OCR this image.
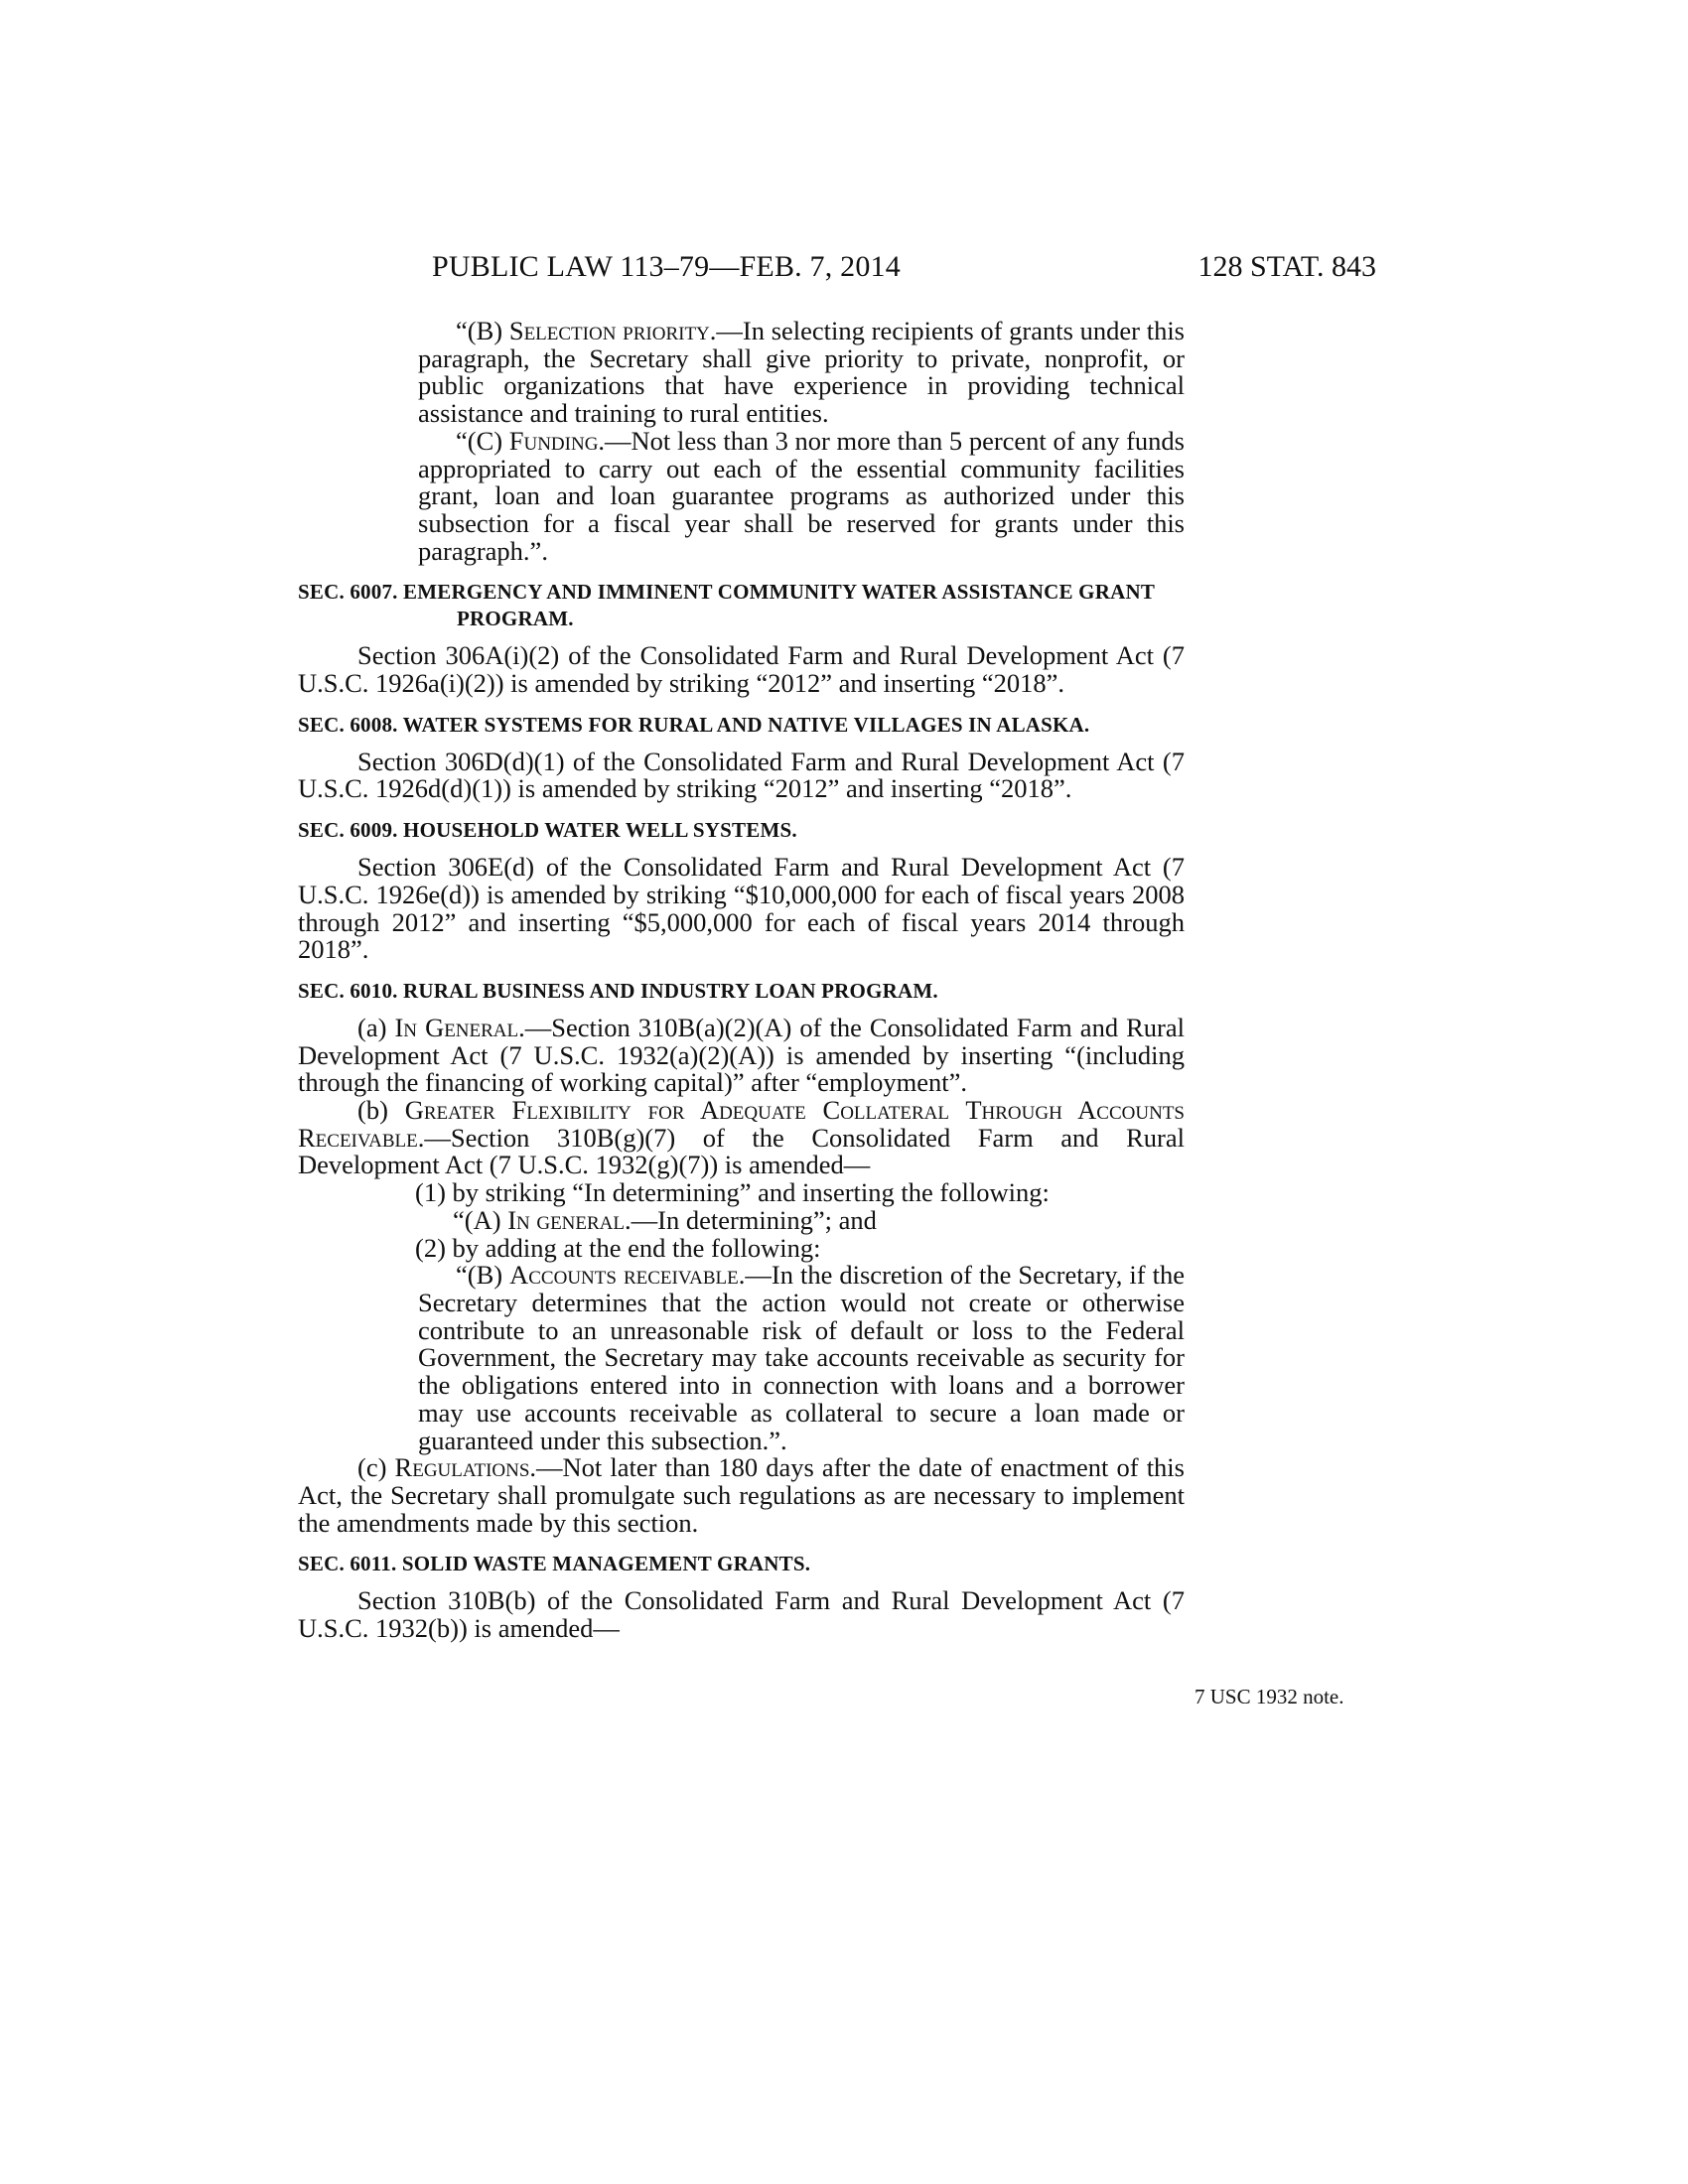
PUBLIC LAW 113–79—FEB. 7, 2014	128 STAT. 843

“(B) Selection priority.—In selecting recipients of grants under this paragraph, the Secretary shall give priority to private, nonprofit, or public organizations that have experience in providing technical assistance and training to rural entities.

“(C) Funding.—Not less than 3 nor more than 5 percent of any funds appropriated to carry out each of the essential community facilities grant, loan and loan guarantee programs as authorized under this subsection for a fiscal year shall be reserved for grants under this paragraph.”.

SEC. 6007. EMERGENCY AND IMMINENT COMMUNITY WATER ASSISTANCE GRANT PROGRAM.

Section 306A(i)(2) of the Consolidated Farm and Rural Development Act (7 U.S.C. 1926a(i)(2)) is amended by striking “2012” and inserting “2018”.

SEC. 6008. WATER SYSTEMS FOR RURAL AND NATIVE VILLAGES IN ALASKA.

Section 306D(d)(1) of the Consolidated Farm and Rural Development Act (7 U.S.C. 1926d(d)(1)) is amended by striking “2012” and inserting “2018”.

SEC. 6009. HOUSEHOLD WATER WELL SYSTEMS.

Section 306E(d) of the Consolidated Farm and Rural Development Act (7 U.S.C. 1926e(d)) is amended by striking “$10,000,000 for each of fiscal years 2008 through 2012” and inserting “$5,000,000 for each of fiscal years 2014 through 2018”.

SEC. 6010. RURAL BUSINESS AND INDUSTRY LOAN PROGRAM.

(a) In General.—Section 310B(a)(2)(A) of the Consolidated Farm and Rural Development Act (7 U.S.C. 1932(a)(2)(A)) is amended by inserting “(including through the financing of working capital)” after “employment”.

(b) Greater Flexibility for Adequate Collateral Through Accounts Receivable.—Section 310B(g)(7) of the Consolidated Farm and Rural Development Act (7 U.S.C. 1932(g)(7)) is amended—

(1) by striking “In determining” and inserting the following:

“(A) In general.—In determining”; and

(2) by adding at the end the following:

“(B) Accounts receivable.—In the discretion of the Secretary, if the Secretary determines that the action would not create or otherwise contribute to an unreasonable risk of default or loss to the Federal Government, the Secretary may take accounts receivable as security for the obligations entered into in connection with loans and a borrower may use accounts receivable as collateral to secure a loan made or guaranteed under this subsection.”.

(c) Regulations.—Not later than 180 days after the date of enactment of this Act, the Secretary shall promulgate such regulations as are necessary to implement the amendments made by this section.

SEC. 6011. SOLID WASTE MANAGEMENT GRANTS.

Section 310B(b) of the Consolidated Farm and Rural Development Act (7 U.S.C. 1932(b)) is amended—

7 USC 1932 note.
